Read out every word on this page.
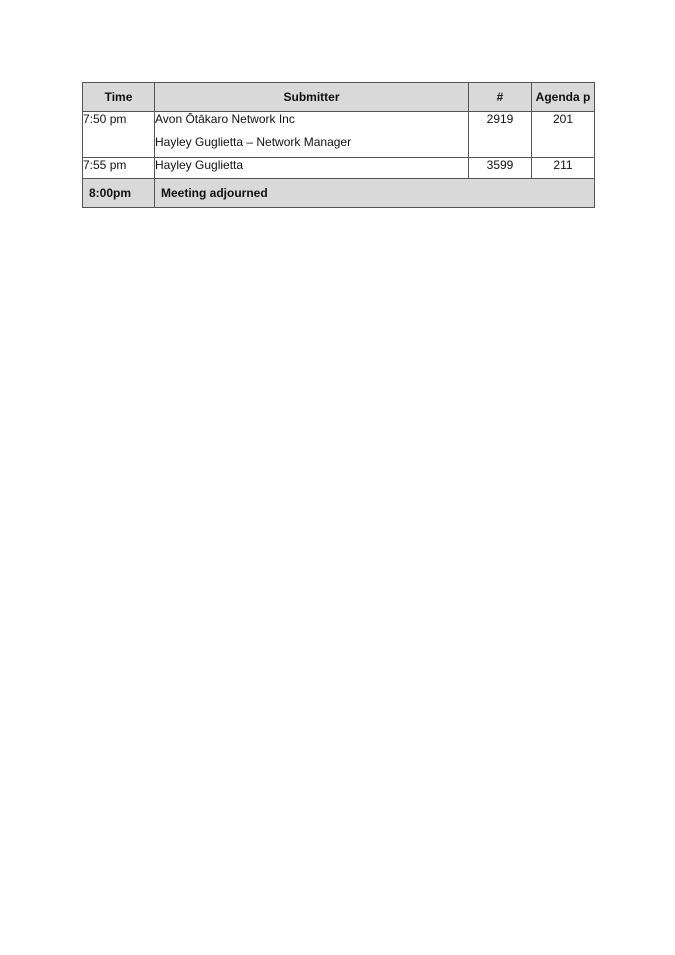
Time	Submitter	#	Agenda p
7:50 pm	Avon Ōtākaro Network Inc
Hayley Guglietta – Network Manager	2919	201
7:55 pm	Hayley Guglietta	3599	211
8:00pm	Meeting adjourned		
